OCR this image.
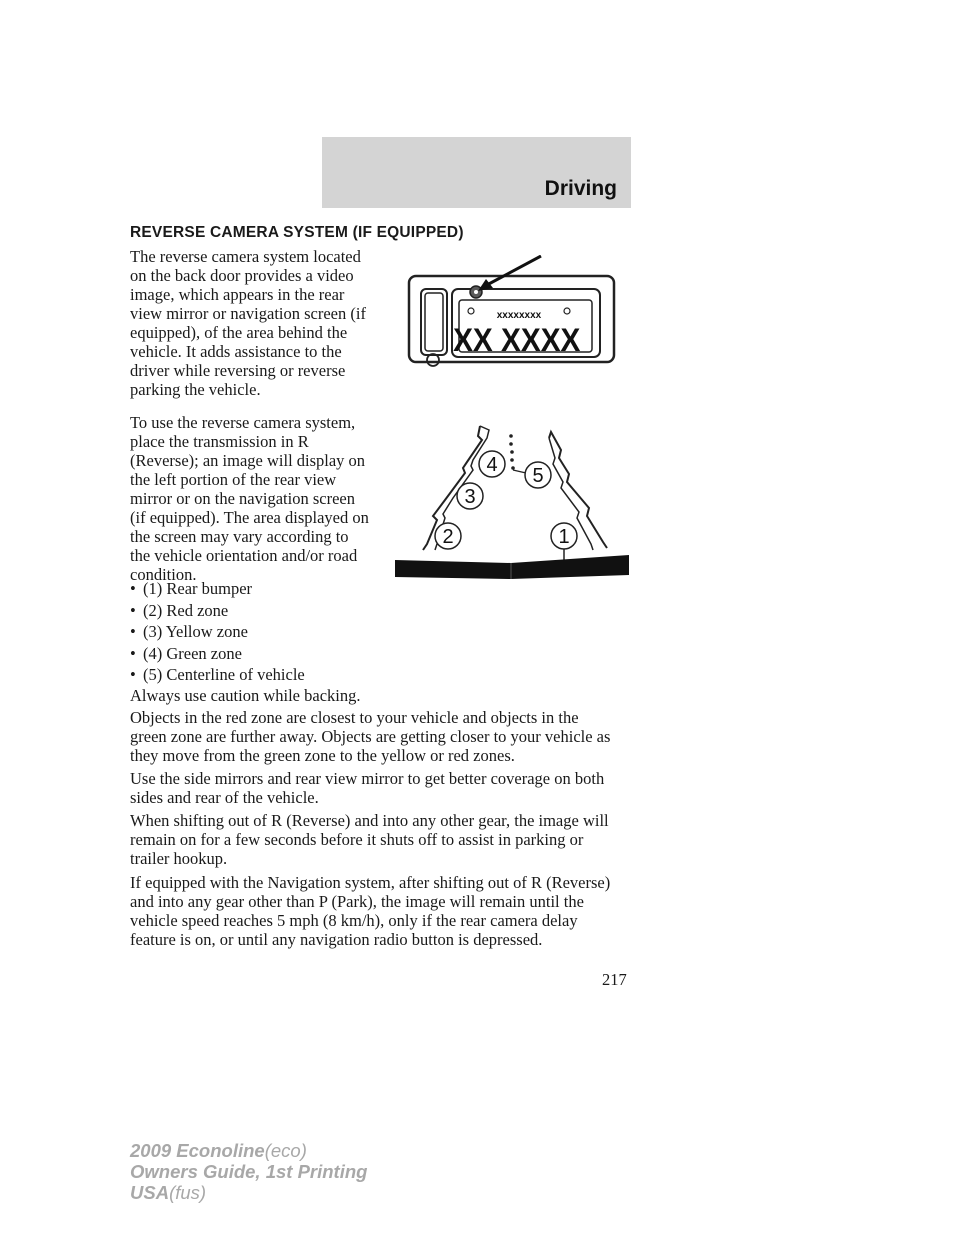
Driving
REVERSE CAMERA SYSTEM (IF EQUIPPED)
The reverse camera system located
on the back door provides a video
image, which appears in the rear
view mirror or navigation screen (if
equipped), of the area behind the
vehicle. It adds assistance to the
driver while reversing or reverse
parking the vehicle.
xxxxxxxx
XX XXXX
To use the reverse camera system,
place the transmission in R
(Reverse); an image will display on
the left portion of the rear view
mirror or on the navigation screen
(if equipped). The area displayed on
the screen may vary according to
the vehicle orientation and/or road
condition.
4 5
3
2	1
• (1) Rear bumper
• (2) Red zone
• (3) Yellow zone
• (4) Green zone
• (5) Centerline of vehicle
Always use caution while backing.
Objects in the red zone are closest to your vehicle and objects in the
green zone are further away. Objects are getting closer to your vehicle as
they move from the green zone to the yellow or red zones.
Use the side mirrors and rear view mirror to get better coverage on both
sides and rear of the vehicle.
When shifting out of R (Reverse) and into any other gear, the image will
remain on for a few seconds before it shuts off to assist in parking or
trailer hookup.
If equipped with the Navigation system, after shifting out of R (Reverse)
and into any gear other than P (Park), the image will remain until the
vehicle speed reaches 5 mph (8 km/h), only if the rear camera delay
feature is on, or until any navigation radio button is depressed.
217
2009 Econoline(eco)
Owners Guide, 1st Printing
USA(fus)
